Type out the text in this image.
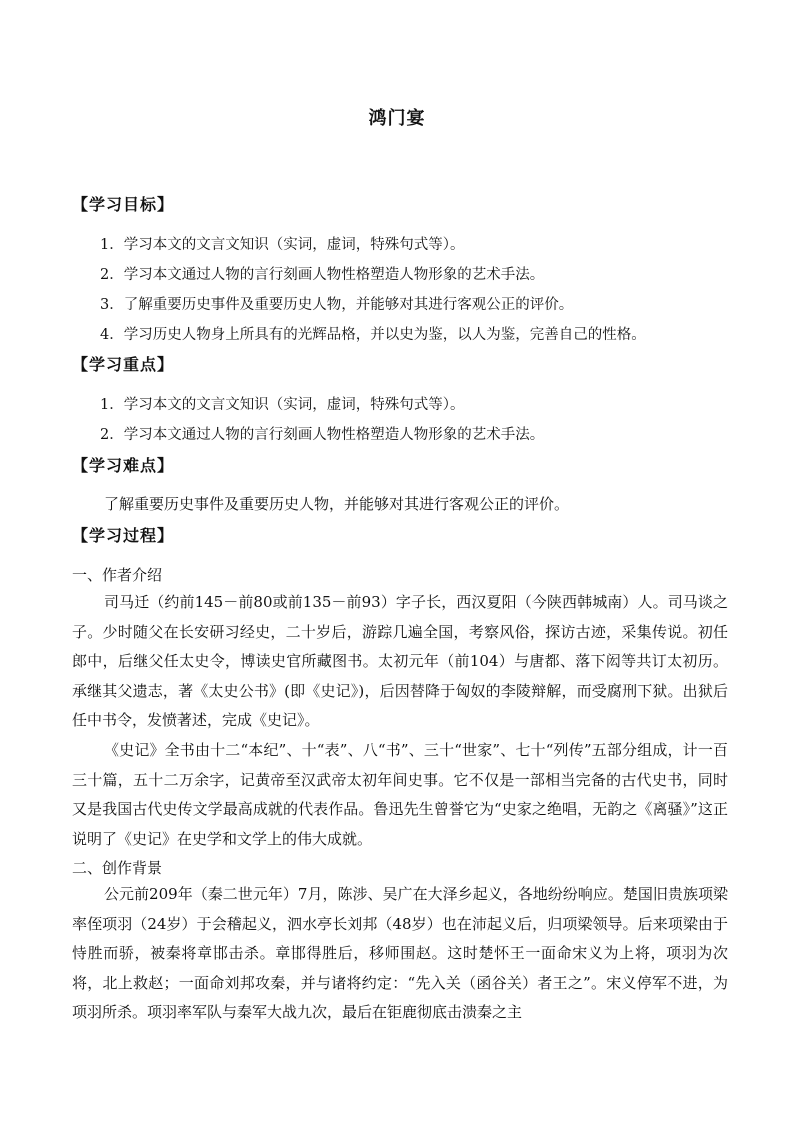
鸿门宴
【学习目标】
1．学习本文的文言文知识（实词，虚词，特殊句式等）。
2．学习本文通过人物的言行刻画人物性格塑造人物形象的艺术手法。
3．了解重要历史事件及重要历史人物，并能够对其进行客观公正的评价。
4．学习历史人物身上所具有的光辉品格，并以史为鉴，以人为鉴，完善自己的性格。
【学习重点】
1．学习本文的文言文知识（实词，虚词，特殊句式等）。
2．学习本文通过人物的言行刻画人物性格塑造人物形象的艺术手法。
【学习难点】
了解重要历史事件及重要历史人物，并能够对其进行客观公正的评价。
【学习过程】
一、作者介绍
司马迁（约前145－前80或前135－前93）字子长，西汉夏阳（今陕西韩城南）人。司马谈之子。少时随父在长安研习经史，二十岁后，游踪几遍全国，考察风俗，探访古迹，采集传说。初任郎中，后继父任太史令，博读史官所藏图书。太初元年（前104）与唐都、落下闳等共订太初历。承继其父遗志，著《太史公书》(即《史记》)，后因替降于匈奴的李陵辩解，而受腐刑下狱。出狱后任中书令，发愤著述，完成《史记》。
《史记》全书由十二“本纪”、十“表”、八“书”、三十“世家”、七十“列传”五部分组成，计一百三十篇，五十二万余字，记黄帝至汉武帝太初年间史事。它不仅是一部相当完备的古代史书，同时又是我国古代史传文学最高成就的代表作品。鲁迅先生曾誉它为“史家之绝唱，无韵之《离骚》”这正说明了《史记》在史学和文学上的伟大成就。
二、创作背景
公元前209年（秦二世元年）7月，陈涉、吴广在大泽乡起义，各地纷纷响应。楚国旧贵族项梁率侄项羽（24岁）于会稽起义，泗水亭长刘邦（48岁）也在沛起义后，归项梁领导。后来项梁由于恃胜而骄，被秦将章邯击杀。章邯得胜后，移师围赵。这时楚怀王一面命宋义为上将，项羽为次将，北上救赵；一面命刘邦攻秦，并与诸将约定：“先入关（函谷关）者王之”。宋义停军不进，为项羽所杀。项羽率军队与秦军大战九次，最后在钜鹿彻底击溃秦之主
